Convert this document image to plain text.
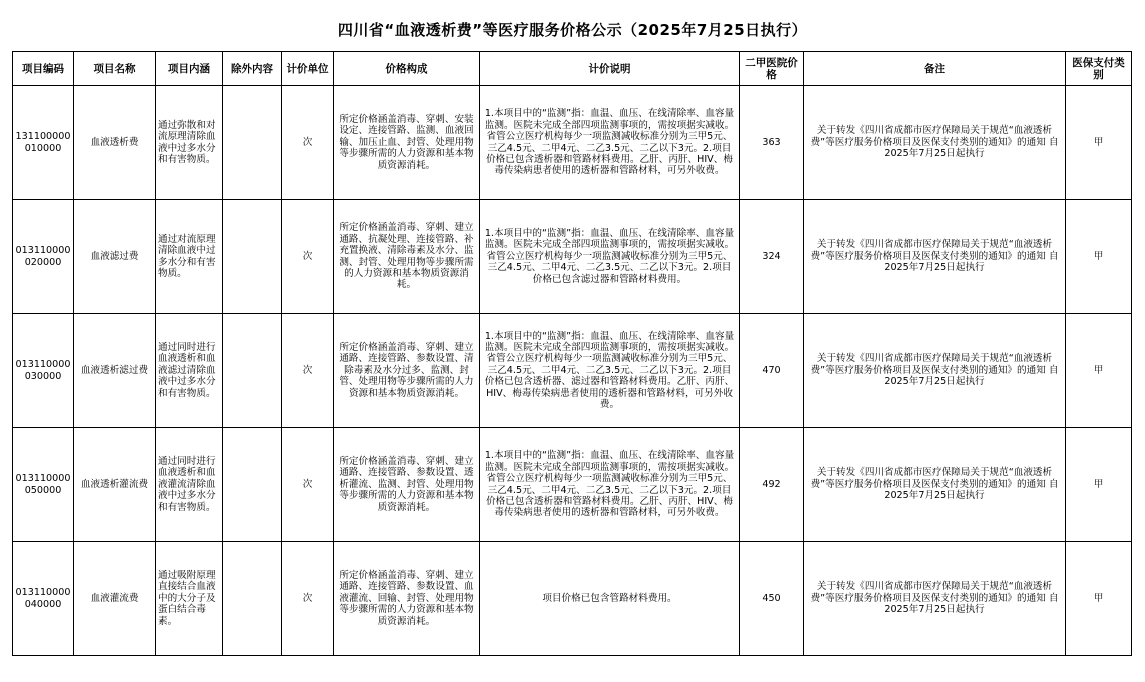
四川省“血液透析费”等医疗服务价格公示（2025年7月25日执行）
项目编码	项目名称	项目内涵	除外内容	计价单位	价格构成	计价说明	二甲医院价格	备注	医保支付类别
131100000010000	血液透析费	通过弥散和对流原理清除血液中过多水分和有害物质。		次	所定价格涵盖消毒、穿刺、安装设定、连接管路、监测、血液回输、加压止血、封管、处理用物等步骤所需的人力资源和基本物质资源消耗。	1.本项目中的“监测”指：血温、血压、在线清除率、血容量监测。医院未完成全部四项监测事项的，需按项据实减收。省管公立医疗机构每少一项监测减收标准分别为三甲5元、三乙4.5元、二甲4元、二乙3.5元、二乙以下3元。2.项目价格已包含透析器和管路材料费用。乙肝、丙肝、HIV、梅毒传染病患者使用的透析器和管路材料，可另外收费。	363	关于转发《四川省成都市医疗保障局关于规范“血液透析费”等医疗服务价格项目及医保支付类别的通知》的通知 自2025年7月25日起执行	甲
013110000020000	血液滤过费	通过对流原理清除血液中过多水分和有害物质。		次	所定价格涵盖消毒、穿刺、建立通路、抗凝处理、连接管路、补充置换液、清除毒素及水分、监测、封管、处理用物等步骤所需的人力资源和基本物质资源消耗。	1.本项目中的“监测”指：血温、血压、在线清除率、血容量监测。医院未完成全部四项监测事项的，需按项据实减收。省管公立医疗机构每少一项监测减收标准分别为三甲5元、三乙4.5元、二甲4元、二乙3.5元、二乙以下3元。2.项目价格已包含滤过器和管路材料费用。	324	关于转发《四川省成都市医疗保障局关于规范“血液透析费”等医疗服务价格项目及医保支付类别的通知》的通知 自2025年7月25日起执行	甲
013110000030000	血液透析滤过费	通过同时进行血液透析和血液滤过清除血液中过多水分和有害物质。		次	所定价格涵盖消毒、穿刺、建立通路、连接管路、参数设置、清除毒素及水分过多、监测、封管、处理用物等步骤所需的人力资源和基本物质资源消耗。	1.本项目中的“监测”指：血温、血压、在线清除率、血容量监测。医院未完成全部四项监测事项的，需按项据实减收。省管公立医疗机构每少一项监测减收标准分别为三甲5元、三乙4.5元、二甲4元、二乙3.5元、二乙以下3元。2.项目价格已包含透析器、滤过器和管路材料费用。乙肝、丙肝、HIV、梅毒传染病患者使用的透析器和管路材料，可另外收费。	470	关于转发《四川省成都市医疗保障局关于规范“血液透析费”等医疗服务价格项目及医保支付类别的通知》的通知 自2025年7月25日起执行	甲
013110000050000	血液透析灌流费	通过同时进行血液透析和血液灌流清除血液中过多水分和有害物质。		次	所定价格涵盖消毒、穿刺、建立通路、连接管路、参数设置、透析灌流、监测、封管、处理用物等步骤所需的人力资源和基本物质资源消耗。	1.本项目中的“监测”指：血温、血压、在线清除率、血容量监测。医院未完成全部四项监测事项的，需按项据实减收。省管公立医疗机构每少一项监测减收标准分别为三甲5元、三乙4.5元、二甲4元、二乙3.5元、二乙以下3元。2.项目价格已包含透析器和管路材料费用。乙肝、丙肝、HIV、梅毒传染病患者使用的透析器和管路材料，可另外收费。	492	关于转发《四川省成都市医疗保障局关于规范“血液透析费”等医疗服务价格项目及医保支付类别的通知》的通知 自2025年7月25日起执行	甲
013110000040000	血液灌流费	通过吸附原理直接结合血液中的大分子及蛋白结合毒素。		次	所定价格涵盖消毒、穿刺、建立通路、连接管路、参数设置、血液灌流、回输、封管、处理用物等步骤所需的人力资源和基本物质资源消耗。	项目价格已包含管路材料费用。	450	关于转发《四川省成都市医疗保障局关于规范“血液透析费”等医疗服务价格项目及医保支付类别的通知》的通知 自2025年7月25日起执行	甲
